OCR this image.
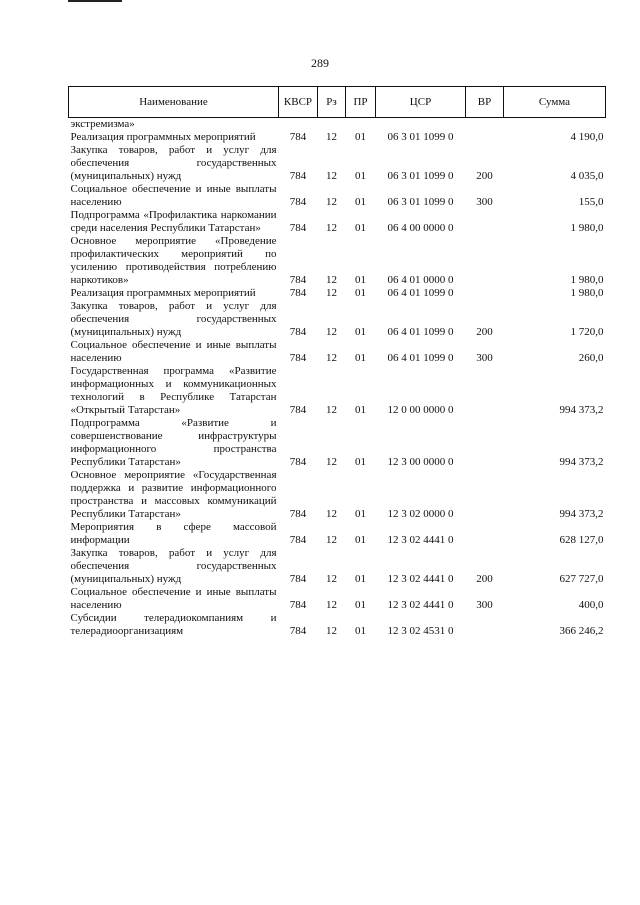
289
Наименование	КВСР	Рз	ПР	ЦСР	ВР	Сумма
экстремизма»						
Реализация программных мероприятий	784	12	01	06 3 01 1099 0		4 190,0
Закупка товаров, работ и услуг для обеспечения государственных (муниципальных) нужд	784	12	01	06 3 01 1099 0	200	4 035,0
Социальное обеспечение и иные выплаты населению	784	12	01	06 3 01 1099 0	300	155,0
Подпрограмма «Профилактика наркомании среди населения Республики Татарстан»	784	12	01	06 4 00 0000 0		1 980,0
Основное мероприятие «Проведение профилактических мероприятий по усилению противодействия потреблению наркотиков»	784	12	01	06 4 01 0000 0		1 980,0
Реализация программных мероприятий	784	12	01	06 4 01 1099 0		1 980,0
Закупка товаров, работ и услуг для обеспечения государственных (муниципальных) нужд	784	12	01	06 4 01 1099 0	200	1 720,0
Социальное обеспечение и иные выплаты населению	784	12	01	06 4 01 1099 0	300	260,0
Государственная программа «Развитие информационных и коммуникационных технологий в Республике Татарстан «Открытый Татарстан»	784	12	01	12 0 00 0000 0		994 373,2
Подпрограмма «Развитие и совершенствование инфраструктуры информационного пространства Республики Татарстан»	784	12	01	12 3 00 0000 0		994 373,2
Основное мероприятие «Государственная поддержка и развитие информационного пространства и массовых коммуникаций Республики Татарстан»	784	12	01	12 3 02 0000 0		994 373,2
Мероприятия в сфере массовой информации	784	12	01	12 3 02 4441 0		628 127,0
Закупка товаров, работ и услуг для обеспечения государственных (муниципальных) нужд	784	12	01	12 3 02 4441 0	200	627 727,0
Социальное обеспечение и иные выплаты населению	784	12	01	12 3 02 4441 0	300	400,0
Субсидии телерадиокомпаниям и телерадиоорганизациям	784	12	01	12 3 02 4531 0		366 246,2
